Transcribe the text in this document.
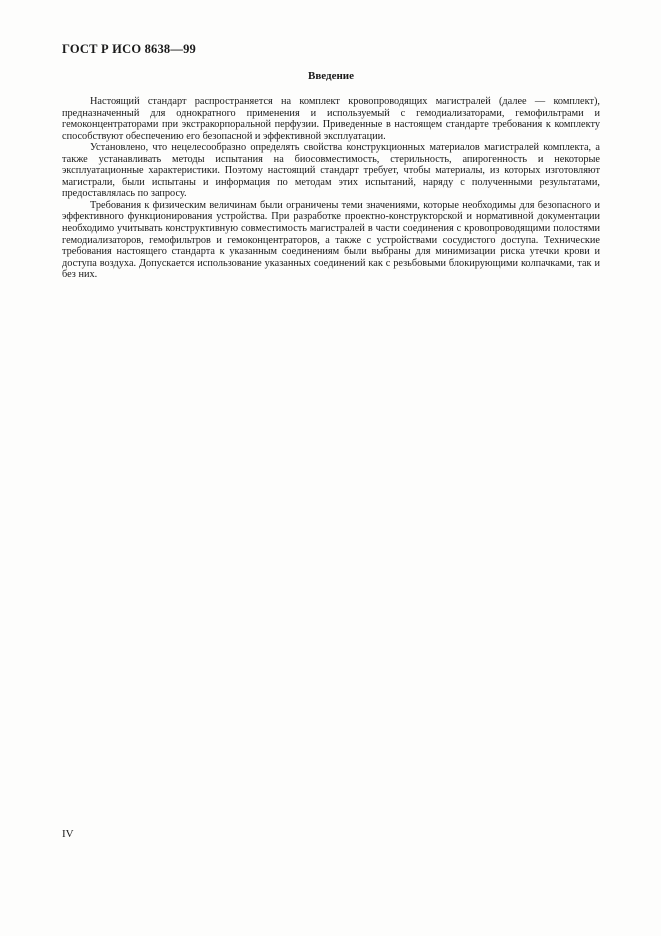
ГОСТ Р ИСО 8638—99
Введение

Настоящий стандарт распространяется на комплект кровопроводящих магистралей (далее — комплект), предназначенный для однократного применения и используемый с гемодиализаторами, гемофильтрами и гемоконцентраторами при экстракорпоральной перфузии. Приведенные в настоящем стандарте требования к комплекту способствуют обеспечению его безопасной и эффективной эксплуатации.

Установлено, что нецелесообразно определять свойства конструкционных материалов магистралей комплекта, а также устанавливать методы испытания на биосовместимость, стерильность, апирогенность и некоторые эксплуатационные характеристики. Поэтому настоящий стандарт требует, чтобы материалы, из которых изготовляют магистрали, были испытаны и информация по методам этих испытаний, наряду с полученными результатами, предоставлялась по запросу.

Требования к физическим величинам были ограничены теми значениями, которые необходимы для безопасного и эффективного функционирования устройства. При разработке проектно-конструкторской и нормативной документации необходимо учитывать конструктивную совместимость магистралей в части соединения с кровопроводящими полостями гемодиализаторов, гемофильтров и гемоконцентраторов, а также с устройствами сосудистого доступа. Технические требования настоящего стандарта к указанным соединениям были выбраны для минимизации риска утечки крови и доступа воздуха. Допускается использование указанных соединений как с резьбовыми блокирующими колпачками, так и без них.

IV
